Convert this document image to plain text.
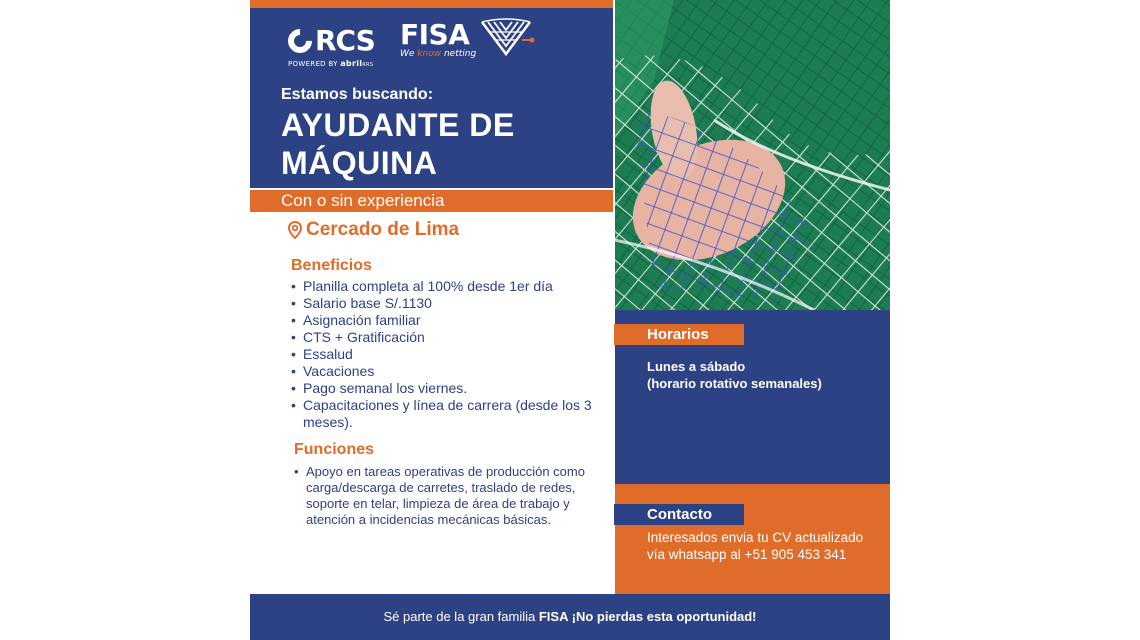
RCS
POWERED BY abrilRRS
FISA
We know netting
Estamos buscando:
AYUDANTE DE
MÁQUINA
Con o sin experiencia
Cercado de Lima
Beneficios
• Planilla completa al 100% desde 1er día
• Salario base S/.1130
• Asignación familiar
• CTS + Gratificación
• Essalud
• Vacaciones
• Pago semanal los viernes.
• Capacitaciones y línea de carrera (desde los 3 meses).
Funciones
• Apoyo en tareas operativas de producción como carga/descarga de carretes, traslado de redes, soporte en telar, limpieza de área de trabajo y atención a incidencias mecánicas básicas.
Horarios
Lunes a sábado
(horario rotativo semanales)
• 6:30 am – 2:30 pm
• 2:30 pm – 10:30 pm
• 10:30 pm – 6:30 am
Contacto
Interesados envia tu CV actualizado vía whatsapp al +51 905 453 341
Sé parte de la gran familia FISA ¡No pierdas esta oportunidad!
